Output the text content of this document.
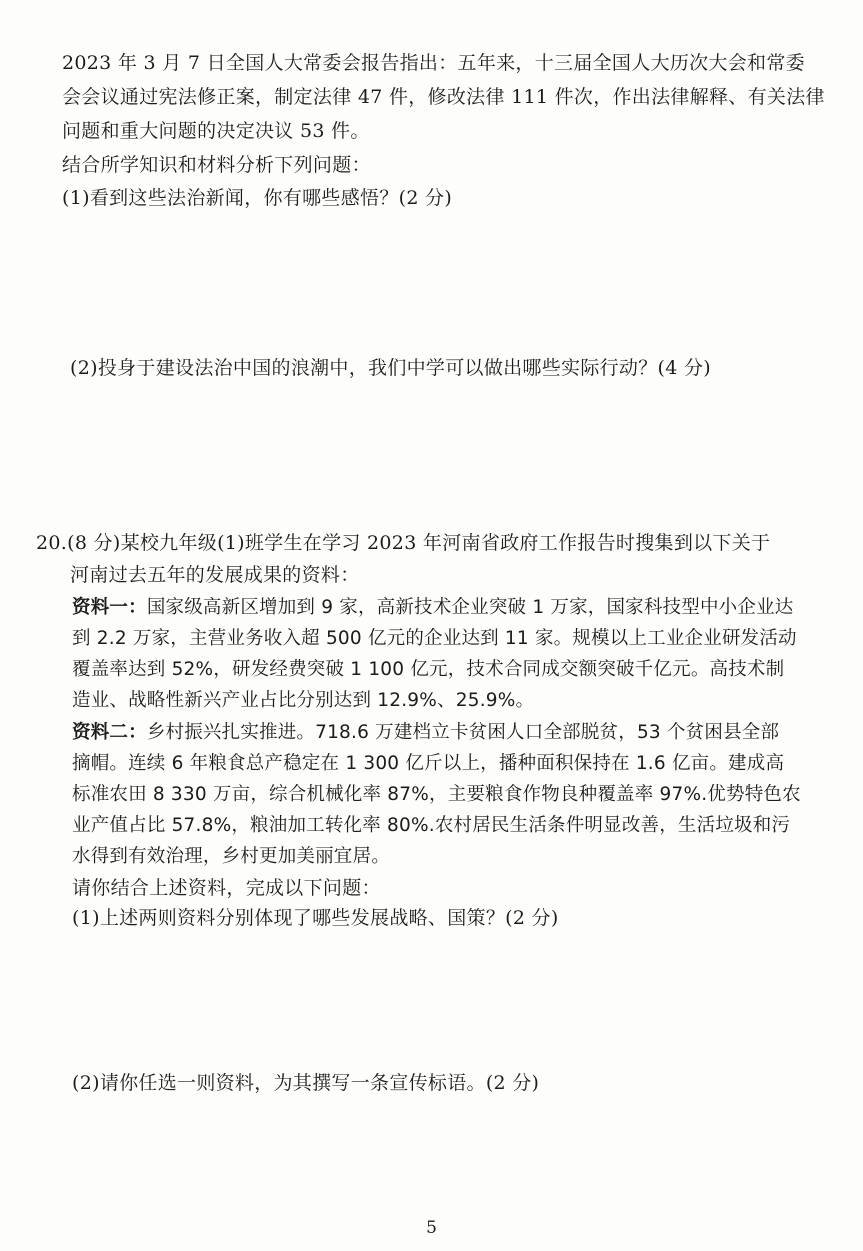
2023 年 3 月 7 日全国人大常委会报告指出：五年来，十三届全国人大历次大会和常委

会会议通过宪法修正案，制定法律 47 件，修改法律 111 件次，作出法律解释、有关法律

问题和重大问题的决定决议 53 件。

结合所学知识和材料分析下列问题：

(1)看到这些法治新闻，你有哪些感悟？(2 分)

(2)投身于建设法治中国的浪潮中，我们中学可以做出哪些实际行动？(4 分)

20.(8 分)某校九年级(1)班学生在学习 2023 年河南省政府工作报告时搜集到以下关于

河南过去五年的发展成果的资料：

资料一：国家级高新区增加到 9 家，高新技术企业突破 1 万家，国家科技型中小企业达

到 2.2 万家，主营业务收入超 500 亿元的企业达到 11 家。规模以上工业企业研发活动

覆盖率达到 52%，研发经费突破 1 100 亿元，技术合同成交额突破千亿元。高技术制

造业、战略性新兴产业占比分别达到 12.9%、25.9%。

资料二：乡村振兴扎实推进。718.6 万建档立卡贫困人口全部脱贫，53 个贫困县全部

摘帽。连续 6 年粮食总产稳定在 1 300 亿斤以上，播种面积保持在 1.6 亿亩。建成高

标准农田 8 330 万亩，综合机械化率 87%，主要粮食作物良种覆盖率 97%.优势特色农

业产值占比 57.8%，粮油加工转化率 80%.农村居民生活条件明显改善，生活垃圾和污

水得到有效治理，乡村更加美丽宜居。

请你结合上述资料，完成以下问题：

(1)上述两则资料分别体现了哪些发展战略、国策？(2 分)

(2)请你任选一则资料，为其撰写一条宣传标语。(2 分)

5
